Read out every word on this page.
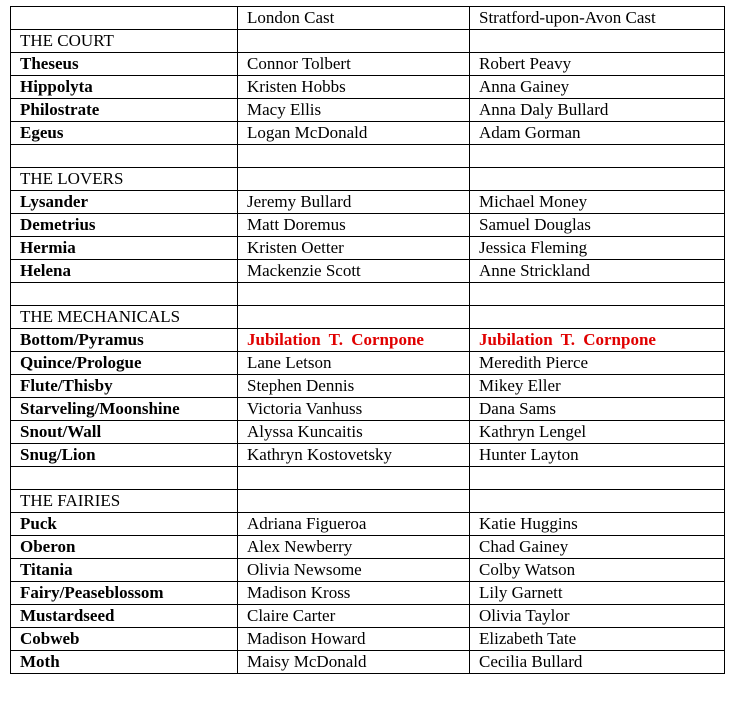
	London Cast	Stratford-upon-Avon Cast
THE COURT		
Theseus	Connor Tolbert	Robert Peavy
Hippolyta	Kristen Hobbs	Anna Gainey
Philostrate	Macy Ellis	Anna Daly Bullard
Egeus	Logan McDonald	Adam Gorman

THE LOVERS		
Lysander	Jeremy Bullard	Michael Money
Demetrius	Matt Doremus	Samuel Douglas
Hermia	Kristen Oetter	Jessica Fleming
Helena	Mackenzie Scott	Anne Strickland

THE MECHANICALS		
Bottom/Pyramus	Jubilation T. Cornpone	Jubilation T. Cornpone
Quince/Prologue	Lane Letson	Meredith Pierce
Flute/Thisby	Stephen Dennis	Mikey Eller
Starveling/Moonshine	Victoria Vanhuss	Dana Sams
Snout/Wall	Alyssa Kuncaitis	Kathryn Lengel
Snug/Lion	Kathryn Kostovetsky	Hunter Layton

THE FAIRIES		
Puck	Adriana Figueroa	Katie Huggins
Oberon	Alex Newberry	Chad Gainey
Titania	Olivia Newsome	Colby Watson
Fairy/Peaseblossom	Madison Kross	Lily Garnett
Mustardseed	Claire Carter	Olivia Taylor
Cobweb	Madison Howard	Elizabeth Tate
Moth	Maisy McDonald	Cecilia Bullard
